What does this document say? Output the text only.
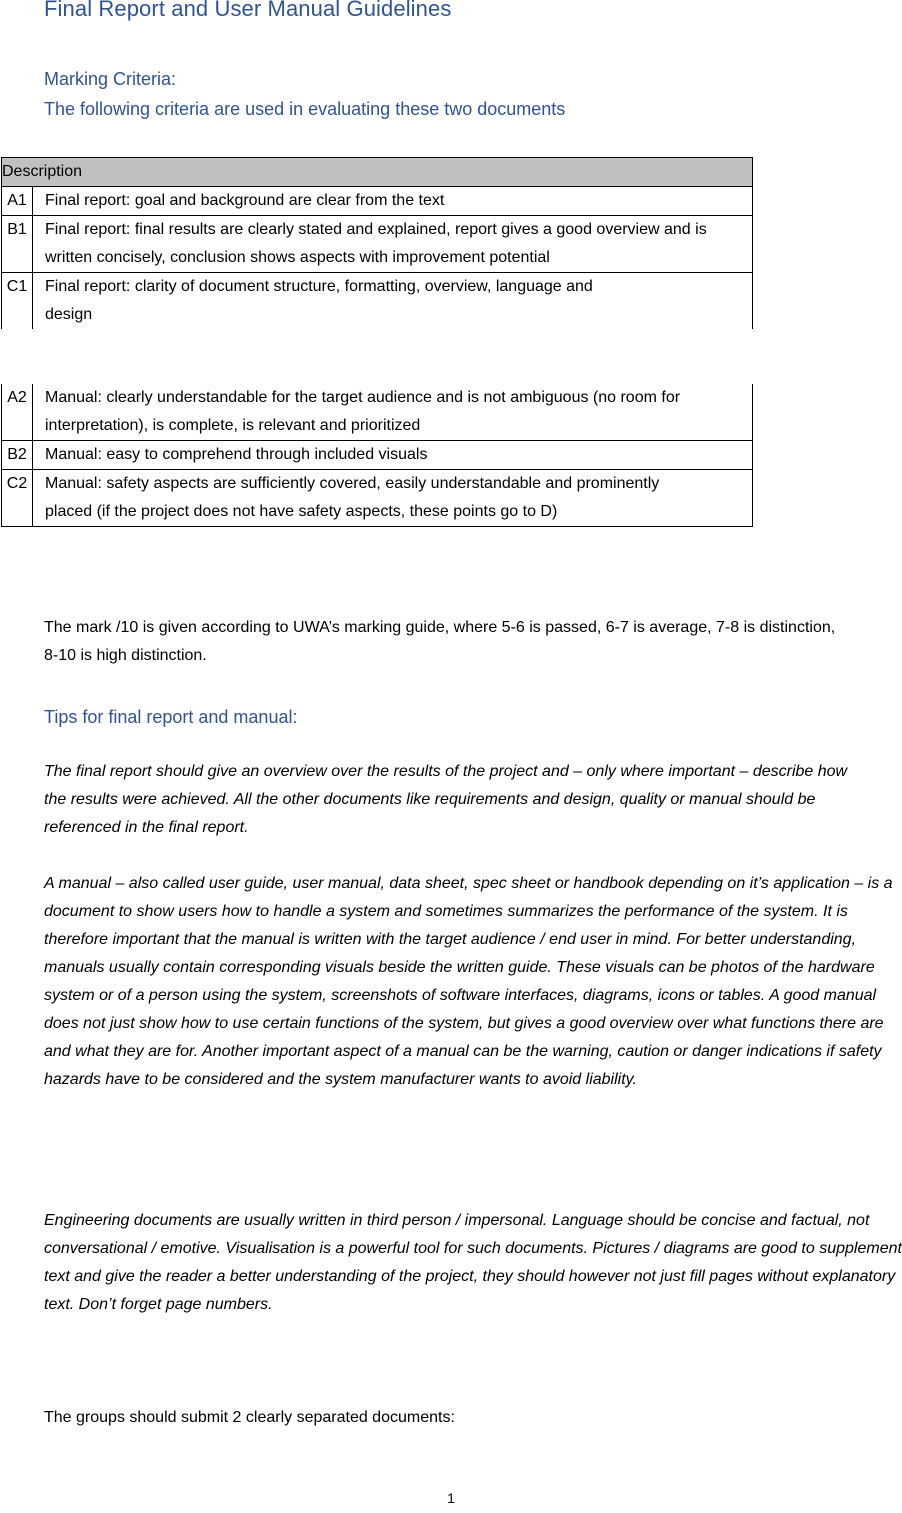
Final Report and User Manual Guidelines
Marking Criteria:
The following criteria are used in evaluating these two documents
Description	
A1	Final report: goal and background are clear from the text
B1	Final report: final results are clearly stated and explained, report gives a good overview and is written concisely, conclusion shows aspects with improvement potential
C1	Final report: clarity of document structure, formatting, overview, language and design
A2	Manual: clearly understandable for the target audience and is not ambiguous (no room for interpretation), is complete, is relevant and prioritized
B2	Manual: easy to comprehend through included visuals
C2	Manual: safety aspects are sufficiently covered, easily understandable and prominently placed (if the project does not have safety aspects, these points go to D)
The mark /10 is given according to UWA’s marking guide, where 5-6 is passed, 6-7 is average, 7-8 is distinction, 8-10 is high distinction.
Tips for final report and manual:
The final report should give an overview over the results of the project and – only where important – describe how the results were achieved. All the other documents like requirements and design, quality or manual should be referenced in the final report.
A manual – also called user guide, user manual, data sheet, spec sheet or handbook depending on it’s application – is a document to show users how to handle a system and sometimes summarizes the performance of the system. It is therefore important that the manual is written with the target audience / end user in mind. For better understanding, manuals usually contain corresponding visuals beside the written guide. These visuals can be photos of the hardware system or of a person using the system, screenshots of software interfaces, diagrams, icons or tables. A good manual does not just show how to use certain functions of the system, but gives a good overview over what functions there are and what they are for. Another important aspect of a manual can be the warning, caution or danger indications if safety hazards have to be considered and the system manufacturer wants to avoid liability.
Engineering documents are usually written in third person / impersonal. Language should be concise and factual, not conversational / emotive. Visualisation is a powerful tool for such documents. Pictures / diagrams are good to supplement text and give the reader a better understanding of the project, they should however not just fill pages without explanatory text. Don’t forget page numbers.
The groups should submit 2 clearly separated documents:
1
